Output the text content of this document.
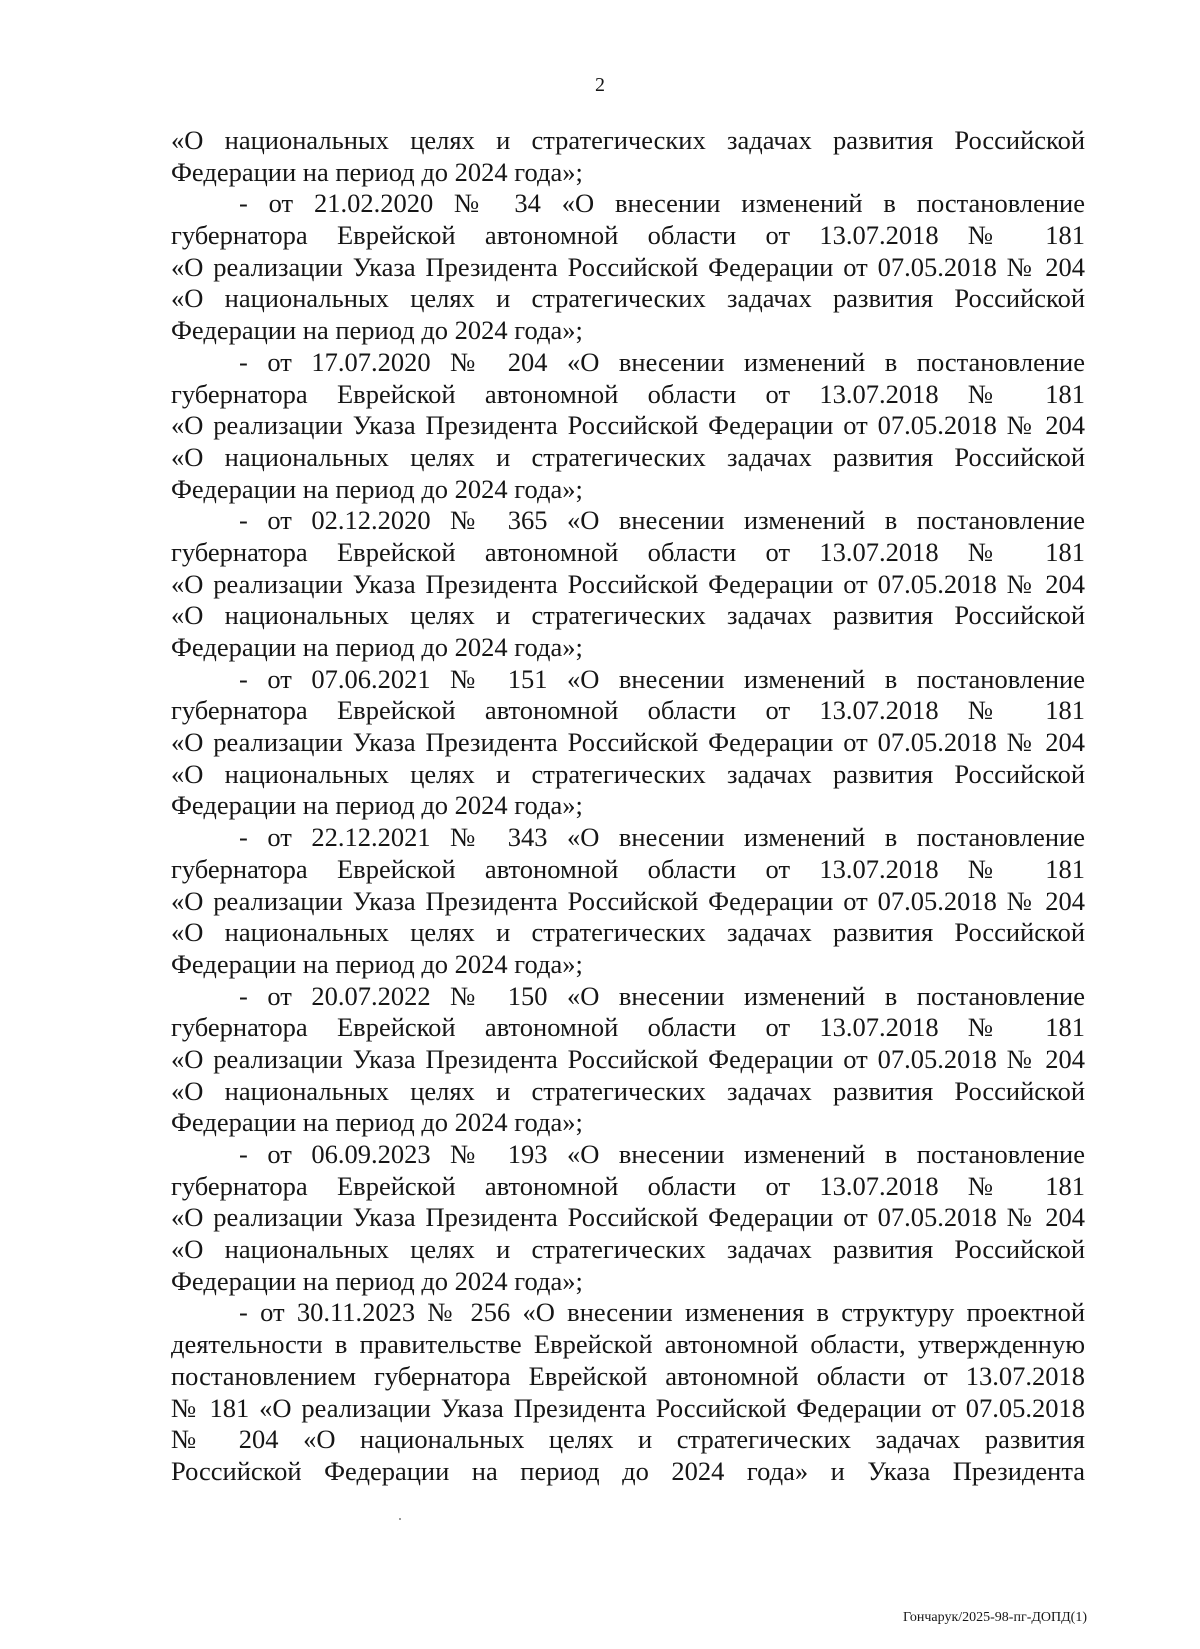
2
«О национальных целях и стратегических задачах развития Российской
Федерации на период до 2024 года»;
- от 21.02.2020 № 34 «О внесении изменений в постановление
губернатора Еврейской автономной области от 13.07.2018 № 181
«О реализации Указа Президента Российской Федерации от 07.05.2018 № 204
«О национальных целях и стратегических задачах развития Российской
Федерации на период до 2024 года»;
- от 17.07.2020 № 204 «О внесении изменений в постановление
губернатора Еврейской автономной области от 13.07.2018 № 181
«О реализации Указа Президента Российской Федерации от 07.05.2018 № 204
«О национальных целях и стратегических задачах развития Российской
Федерации на период до 2024 года»;
- от 02.12.2020 № 365 «О внесении изменений в постановление
губернатора Еврейской автономной области от 13.07.2018 № 181
«О реализации Указа Президента Российской Федерации от 07.05.2018 № 204
«О национальных целях и стратегических задачах развития Российской
Федерации на период до 2024 года»;
- от 07.06.2021 № 151 «О внесении изменений в постановление
губернатора Еврейской автономной области от 13.07.2018 № 181
«О реализации Указа Президента Российской Федерации от 07.05.2018 № 204
«О национальных целях и стратегических задачах развития Российской
Федерации на период до 2024 года»;
- от 22.12.2021 № 343 «О внесении изменений в постановление
губернатора Еврейской автономной области от 13.07.2018 № 181
«О реализации Указа Президента Российской Федерации от 07.05.2018 № 204
«О национальных целях и стратегических задачах развития Российской
Федерации на период до 2024 года»;
- от 20.07.2022 № 150 «О внесении изменений в постановление
губернатора Еврейской автономной области от 13.07.2018 № 181
«О реализации Указа Президента Российской Федерации от 07.05.2018 № 204
«О национальных целях и стратегических задачах развития Российской
Федерации на период до 2024 года»;
- от 06.09.2023 № 193 «О внесении изменений в постановление
губернатора Еврейской автономной области от 13.07.2018 № 181
«О реализации Указа Президента Российской Федерации от 07.05.2018 № 204
«О национальных целях и стратегических задачах развития Российской
Федерации на период до 2024 года»;
- от 30.11.2023 № 256 «О внесении изменения в структуру проектной
деятельности в правительстве Еврейской автономной области, утвержденную
постановлением губернатора Еврейской автономной области от 13.07.2018
№ 181 «О реализации Указа Президента Российской Федерации от 07.05.2018
№ 204 «О национальных целях и стратегических задачах развития
Российской Федерации на период до 2024 года» и Указа Президента
Гончарук/2025-98-пг-ДОПД(1)
